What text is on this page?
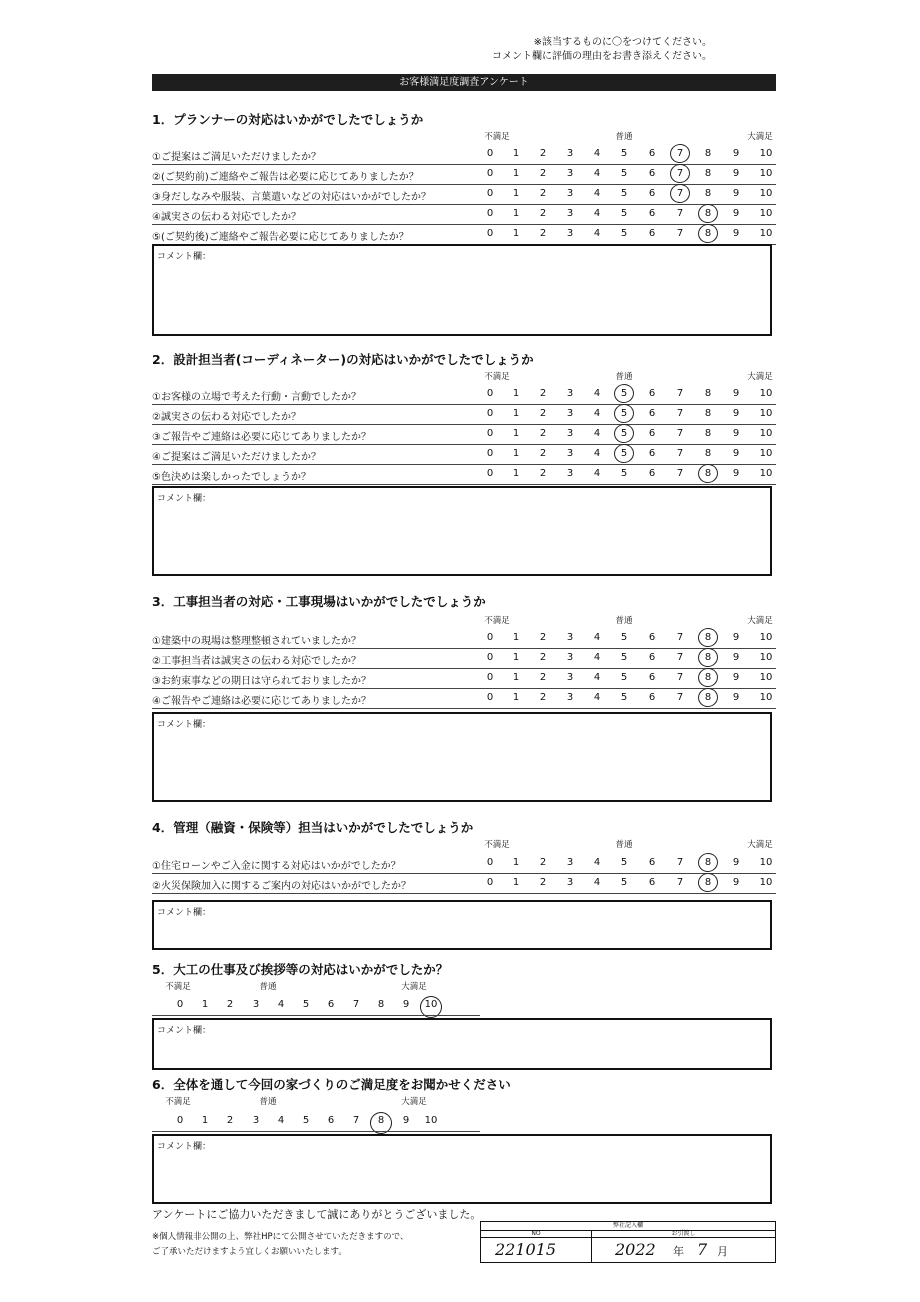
※該当するものに〇をつけてください。
コメント欄に評価の理由をお書き添えください。
お客様満足度調査アンケート
1．プランナーの対応はいかがでしたでしょうか
不満足	普通	大満足
①ご提案はご満足いただけましたか？	0	1	2	3	4	5	6	7	8	9	10
②(ご契約前)ご連絡やご報告は必要に応じてありましたか？	0	1	2	3	4	5	6	7	8	9	10
③身だしなみや服装、言葉遣いなどの対応はいかがでしたか？	0	1	2	3	4	5	6	7	8	9	10
④誠実さの伝わる対応でしたか？	0	1	2	3	4	5	6	7	8	9	10
⑤(ご契約後)ご連絡やご報告必要に応じてありましたか？	0	1	2	3	4	5	6	7	8	9	10
コメント欄：
2．設計担当者(コーディネーター)の対応はいかがでしたでしょうか
不満足	普通	大満足
①お客様の立場で考えた行動・言動でしたか？	0	1	2	3	4	5	6	7	8	9	10
②誠実さの伝わる対応でしたか？	0	1	2	3	4	5	6	7	8	9	10
③ご報告やご連絡は必要に応じてありましたか？	0	1	2	3	4	5	6	7	8	9	10
④ご提案はご満足いただけましたか？	0	1	2	3	4	5	6	7	8	9	10
⑤色決めは楽しかったでしょうか？	0	1	2	3	4	5	6	7	8	9	10
コメント欄：
3．工事担当者の対応・工事現場はいかがでしたでしょうか
不満足	普通	大満足
①建築中の現場は整理整頓されていましたか？	0	1	2	3	4	5	6	7	8	9	10
②工事担当者は誠実さの伝わる対応でしたか？	0	1	2	3	4	5	6	7	8	9	10
③お約束事などの期日は守られておりましたか？	0	1	2	3	4	5	6	7	8	9	10
④ご報告やご連絡は必要に応じてありましたか？	0	1	2	3	4	5	6	7	8	9	10
コメント欄：
4．管理（融資・保険等）担当はいかがでしたでしょうか
不満足	普通	大満足
①住宅ローンやご入金に関する対応はいかがでしたか？	0	1	2	3	4	5	6	7	8	9	10
②火災保険加入に関するご案内の対応はいかがでしたか？	0	1	2	3	4	5	6	7	8	9	10
コメント欄：
5．大工の仕事及び挨拶等の対応はいかがでしたか？
不満足	普通	大満足
0	1	2	3	4	5	6	7	8	9	10
コメント欄：
6．全体を通して今回の家づくりのご満足度をお聞かせください
不満足	普通	大満足
0	1	2	3	4	5	6	7	8	9	10
コメント欄：
アンケートにご協力いただきまして誠にありがとうございました。
※個人情報非公開の上、弊社HPにて公開させていただきますので、
ご了承いただけますよう宜しくお願いいたします。
弊社記入欄
NO	お引渡し
221015	2022 年 7 月
